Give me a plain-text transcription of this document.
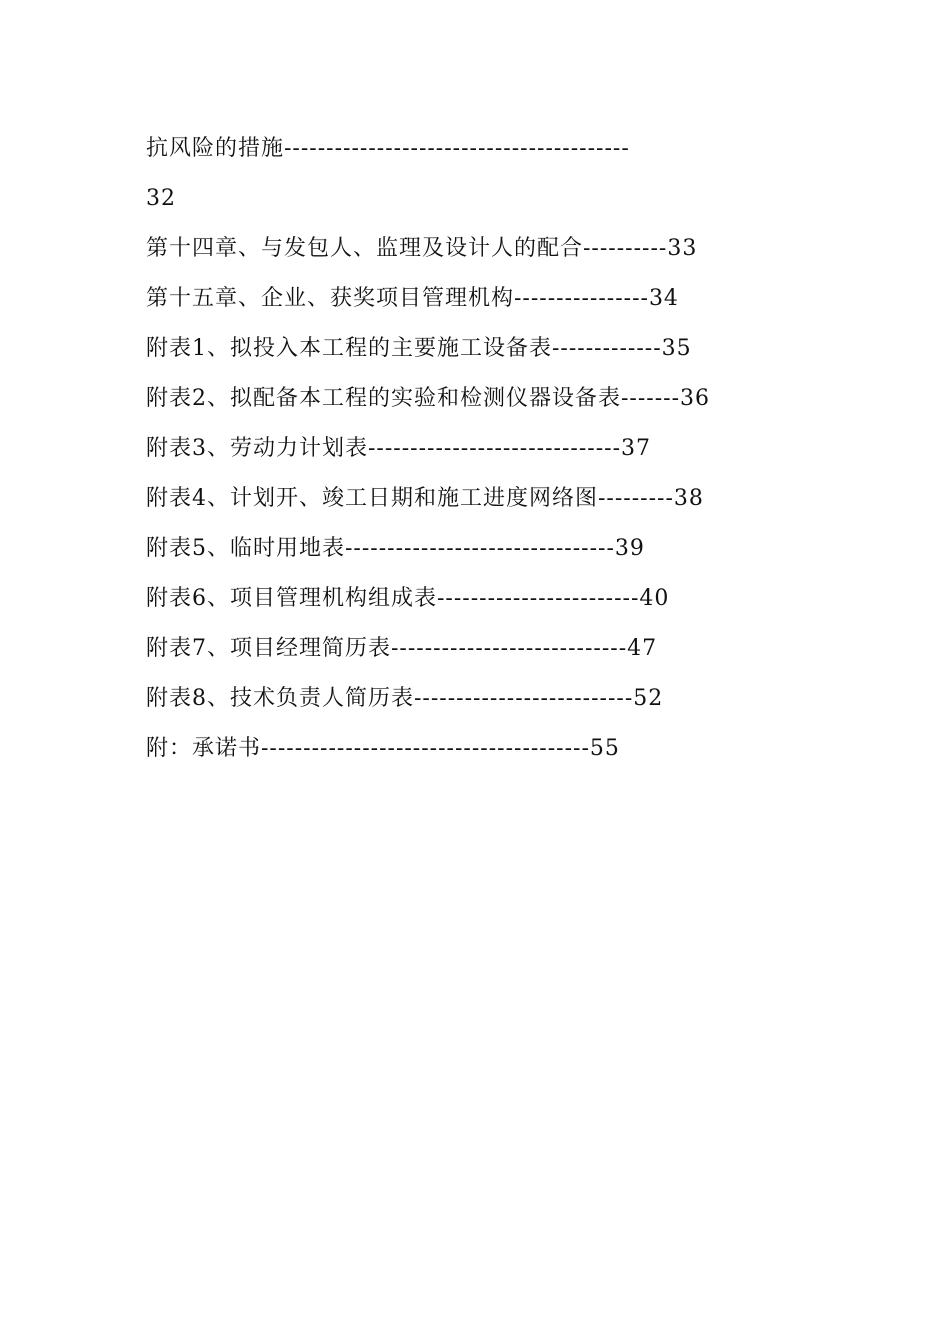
抗风险的措施-----------------------------------------
32
第十四章、与发包人、监理及设计人的配合----------33
第十五章、企业、获奖项目管理机构----------------34
附表1、拟投入本工程的主要施工设备表-------------35
附表2、拟配备本工程的实验和检测仪器设备表-------36
附表3、劳动力计划表------------------------------37
附表4、计划开、竣工日期和施工进度网络图---------38
附表5、临时用地表--------------------------------39
附表6、项目管理机构组成表------------------------40
附表7、项目经理简历表----------------------------47
附表8、技术负责人简历表--------------------------52
附：承诺书---------------------------------------55
